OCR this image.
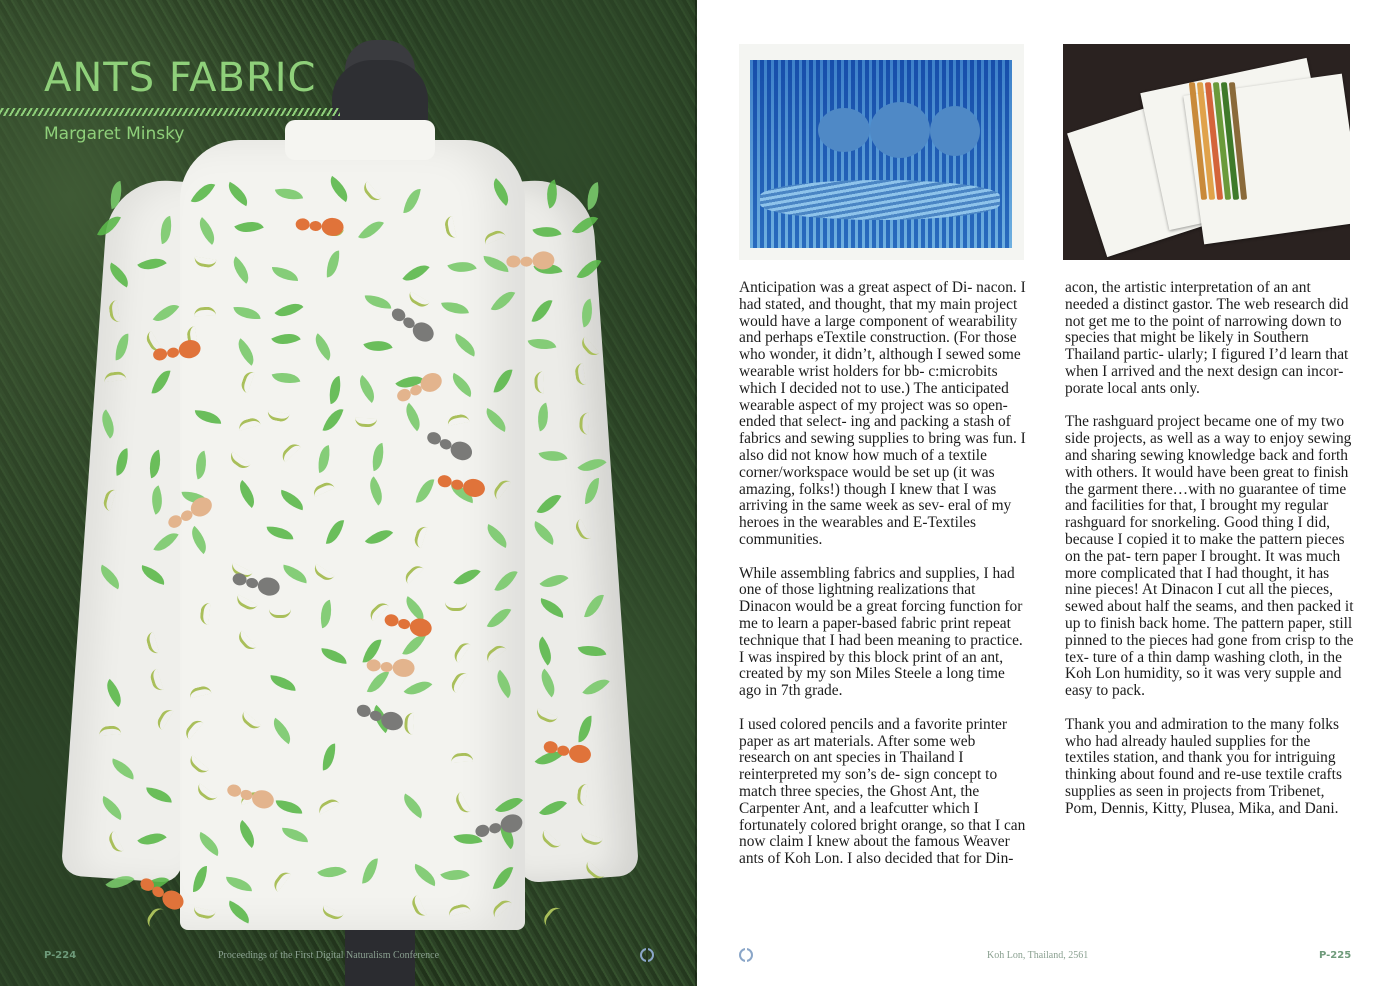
ANTS FABRIC
Margaret Minsky
P-224	Proceedings of the First Digital Naturalism Conference

Anticipation was a great aspect of Di- nacon. I had stated, and thought, that my main project would have a large component of wearability and perhaps eTextile construction. (For those who wonder, it didn’t, although I sewed some wearable wrist holders for bb- c:microbits which I decided not to use.) The anticipated wearable aspect of my project was so open-ended that select- ing and packing a stash of fabrics and sewing supplies to bring was fun. I also did not know how much of a textile corner/workspace would be set up (it was amazing, folks!) though I knew that I was arriving in the same week as sev- eral of my heroes in the wearables and E-Textiles communities.

While assembling fabrics and supplies, I had one of those lightning realizations that Dinacon would be a great forcing function for me to learn a paper-based fabric print repeat technique that I had been meaning to practice. I was inspired by this block print of an ant, created by my son Miles Steele a long time ago in 7th grade.

I used colored pencils and a favorite printer paper as art materials. After some web research on ant species in Thailand I reinterpreted my son’s de- sign concept to match three species, the Ghost Ant, the Carpenter Ant, and a leafcutter which I fortunately colored bright orange, so that I can now claim I knew about the famous Weaver ants of Koh Lon. I also decided that for Din-

acon, the artistic interpretation of an ant needed a distinct gastor. The web research did not get me to the point of narrowing down to species that might be likely in Southern Thailand partic- ularly; I figured I’d learn that when I arrived and the next design can incor- porate local ants only.

The rashguard project became one of my two side projects, as well as a way to enjoy sewing and sharing sewing knowledge back and forth with others. It would have been great to finish the garment there…with no guarantee of time and facilities for that, I brought my regular rashguard for snorkeling. Good thing I did, because I copied it to make the pattern pieces on the pat- tern paper I brought. It was much more complicated that I had thought, it has nine pieces! At Dinacon I cut all the pieces, sewed about half the seams, and then packed it up to finish back home. The pattern paper, still pinned to the pieces had gone from crisp to the tex- ture of a thin damp washing cloth, in the Koh Lon humidity, so it was very supple and easy to pack.

Thank you and admiration to the many folks who had already hauled supplies for the textiles station, and thank you for intriguing thinking about found and re-use textile crafts supplies as seen in projects from Tribenet, Pom, Dennis, Kitty, Plusea, Mika, and Dani.

Koh Lon, Thailand, 2561	P-225
